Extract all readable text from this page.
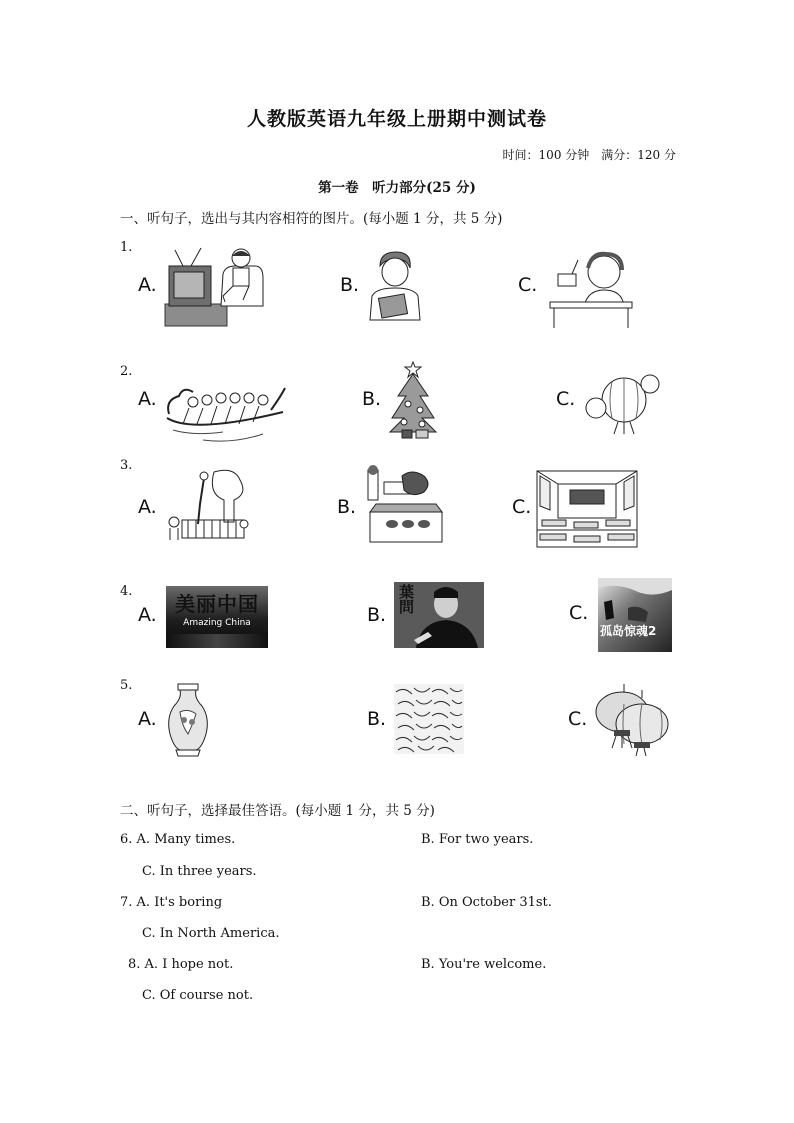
人教版英语九年级上册期中测试卷
时间：100 分钟　满分：120 分
第一卷　听力部分(25 分)
一、听句子，选出与其内容相符的图片。(每小题 1 分，共 5 分)
1.
A.	B.	C.
2.
A.	B.	C.
3.
A.	B.	C.
4.
A. 美丽中国
Amazing China	B.
葉問	C.
孤岛惊魂2
5.
A.	B.	C.
二、听句子，选择最佳答语。(每小题 1 分，共 5 分)
6. A. Many times.	B. For two years.
C. In three years.
7. A. It's boring	B. On October 31st.
C. In North America.
8. A. I hope not.	B. You're welcome.
C. Of course not.
